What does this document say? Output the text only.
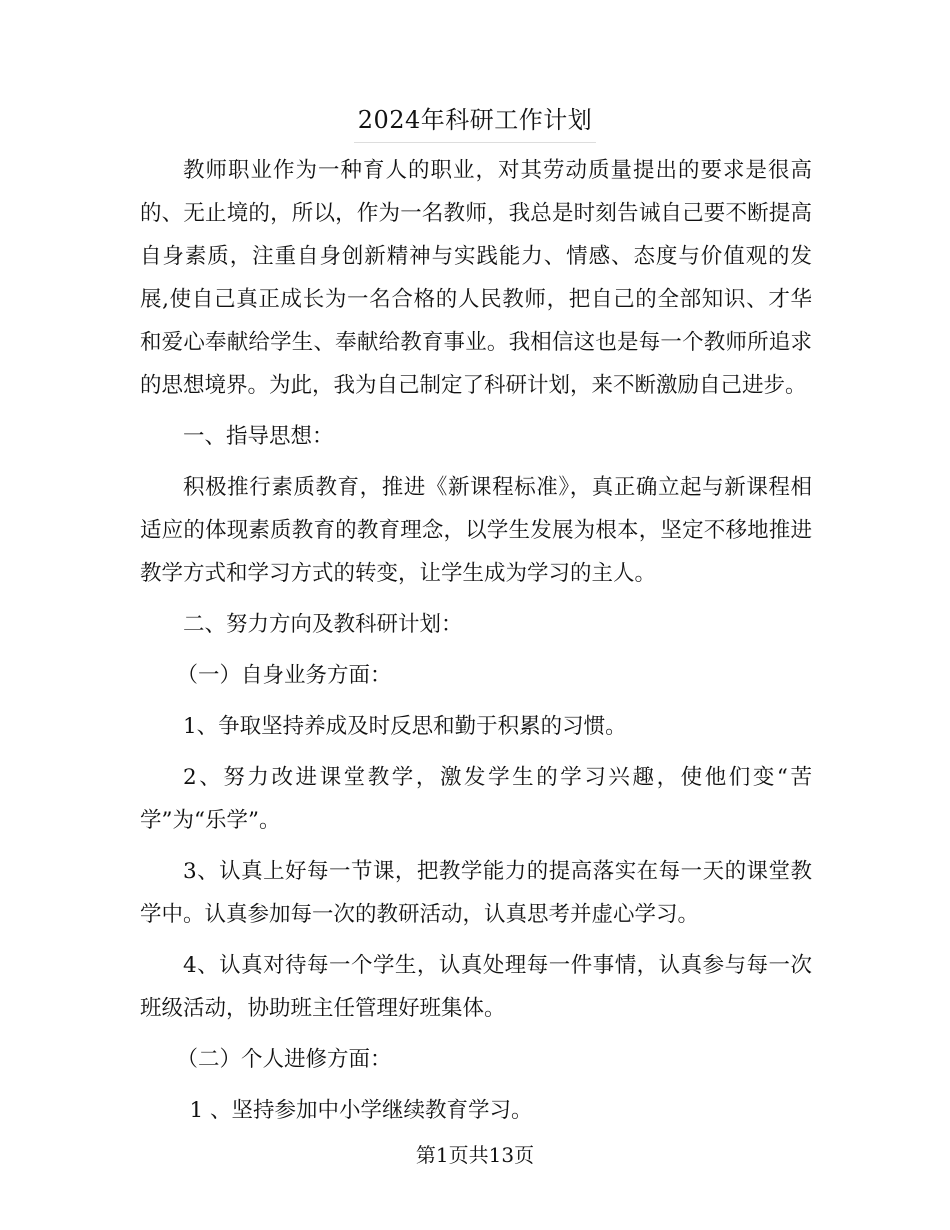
2024年科研工作计划

教师职业作为一种育人的职业，对其劳动质量提出的要求是很高的、无止境的，所以，作为一名教师，我总是时刻告诫自己要不断提高自身素质，注重自身创新精神与实践能力、情感、态度与价值观的发展,使自己真正成长为一名合格的人民教师，把自己的全部知识、才华和爱心奉献给学生、奉献给教育事业。我相信这也是每一个教师所追求的思想境界。为此，我为自己制定了科研计划，来不断激励自己进步。

一、指导思想：

积极推行素质教育，推进《新课程标准》，真正确立起与新课程相适应的体现素质教育的教育理念，以学生发展为根本，坚定不移地推进教学方式和学习方式的转变，让学生成为学习的主人。

二、努力方向及教科研计划：

（一）自身业务方面：

1、争取坚持养成及时反思和勤于积累的习惯。

2、努力改进课堂教学，激发学生的学习兴趣，使他们变“苦学”为“乐学”。

3、认真上好每一节课，把教学能力的提高落实在每一天的课堂教学中。认真参加每一次的教研活动，认真思考并虚心学习。

4、认真对待每一个学生，认真处理每一件事情，认真参与每一次班级活动，协助班主任管理好班集体。

（二）个人进修方面：

1 、坚持参加中小学继续教育学习。

第1页共13页
